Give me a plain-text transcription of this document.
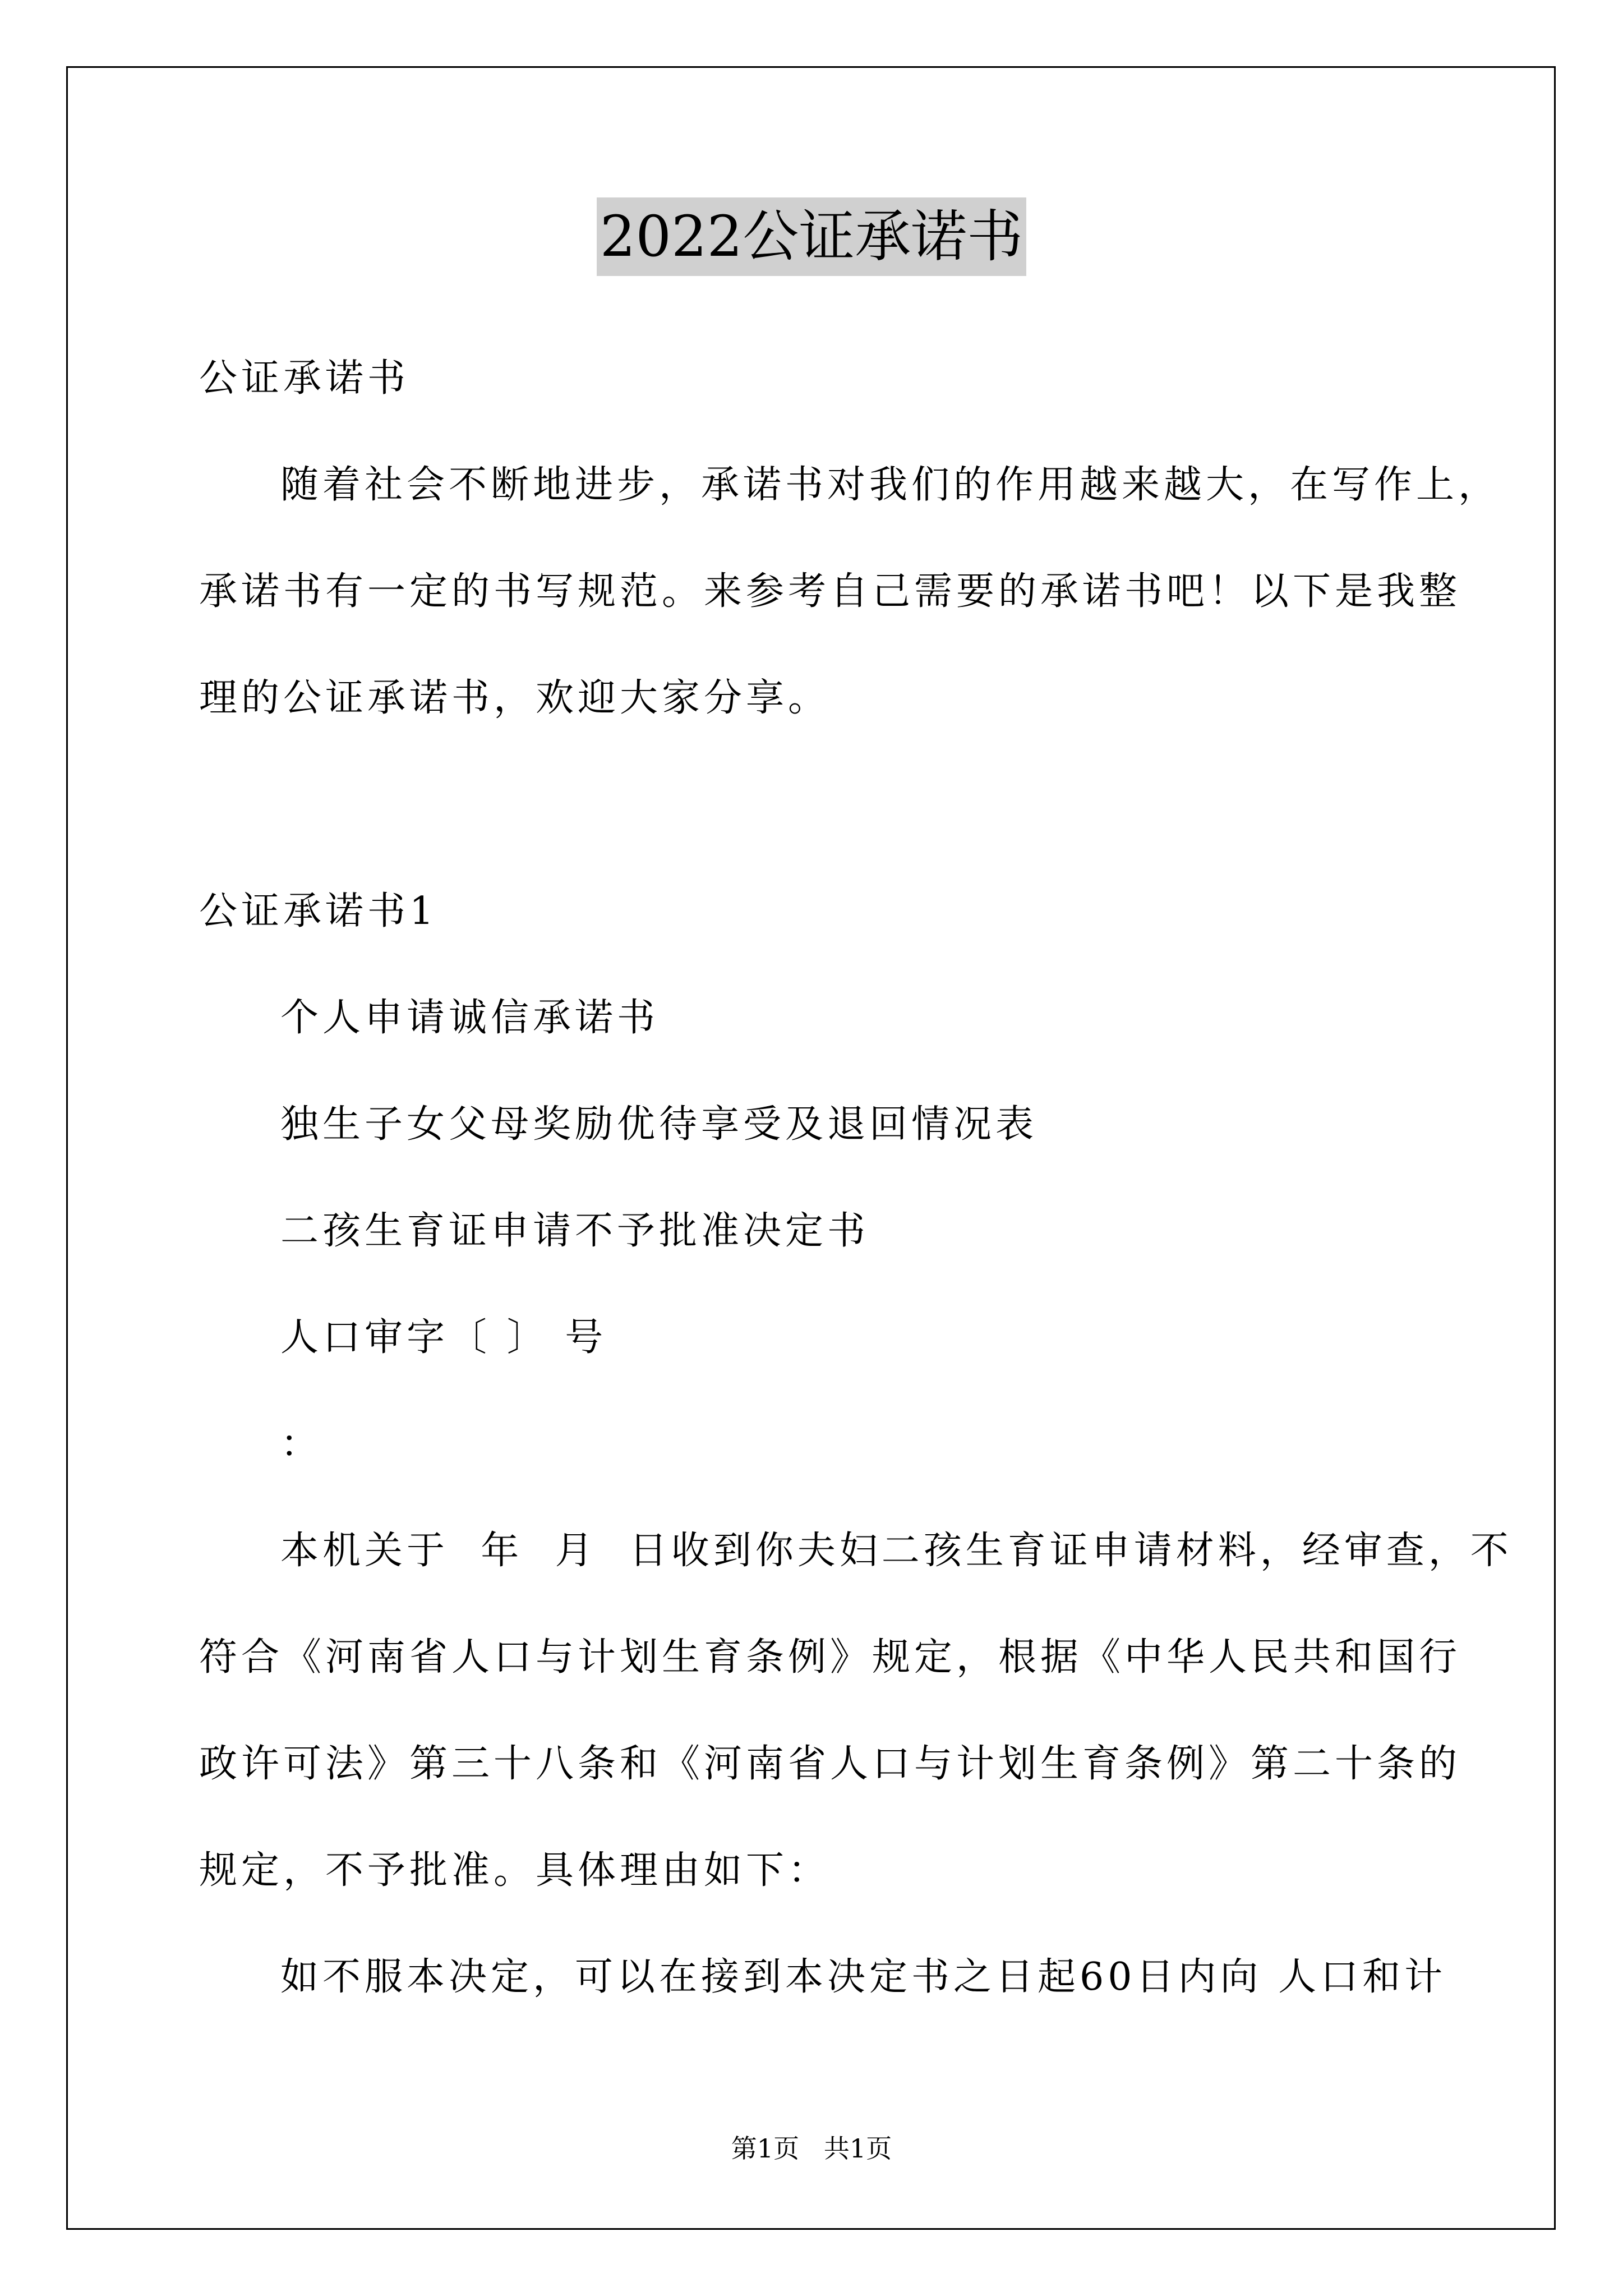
2022公证承诺书
公证承诺书
随着社会不断地进步，承诺书对我们的作用越来越大，在写作上，
承诺书有一定的书写规范。来参考自己需要的承诺书吧！以下是我整
理的公证承诺书，欢迎大家分享。
公证承诺书1
个人申请诚信承诺书
独生子女父母奖励优待享受及退回情况表
二孩生育证申请不予批准决定书
人口审字〔 〕 号
：
本机关于  年  月  日收到你夫妇二孩生育证申请材料，经审查，不
符合《河南省人口与计划生育条例》规定，根据《中华人民共和国行
政许可法》第三十八条和《河南省人口与计划生育条例》第二十条的
规定，不予批准。具体理由如下：
如不服本决定，可以在接到本决定书之日起60日内向 人口和计
第1页   共1页
